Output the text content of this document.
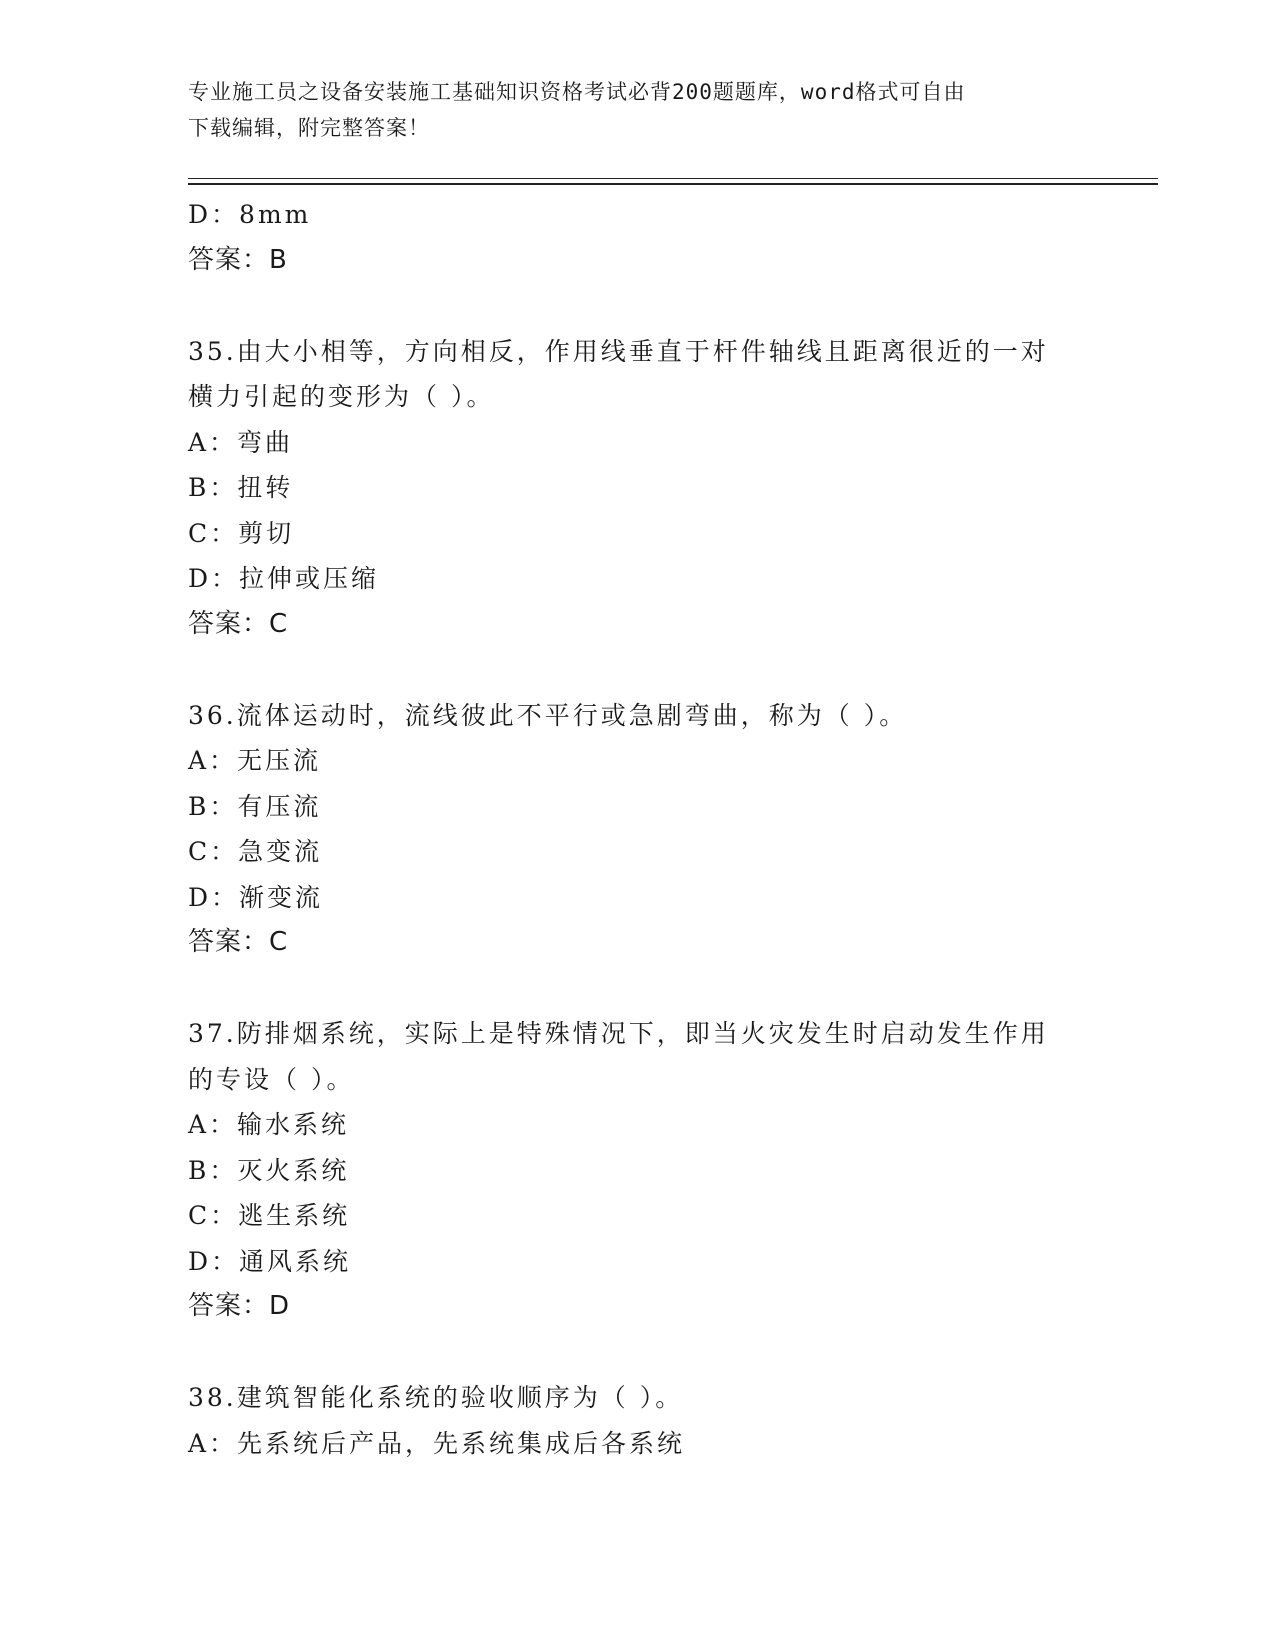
专业施工员之设备安装施工基础知识资格考试必背200题题库，word格式可自由
下载编辑，附完整答案！
D：8mm
答案：B
35.由大小相等，方向相反，作用线垂直于杆件轴线且距离很近的一对
横力引起的变形为（ ）。
A：弯曲
B：扭转
C：剪切
D：拉伸或压缩
答案：C
36.流体运动时，流线彼此不平行或急剧弯曲，称为（ ）。
A：无压流
B：有压流
C：急变流
D：渐变流
答案：C
37.防排烟系统，实际上是特殊情况下，即当火灾发生时启动发生作用
的专设（ ）。
A：输水系统
B：灭火系统
C：逃生系统
D：通风系统
答案：D
38.建筑智能化系统的验收顺序为（ ）。
A：先系统后产品，先系统集成后各系统
